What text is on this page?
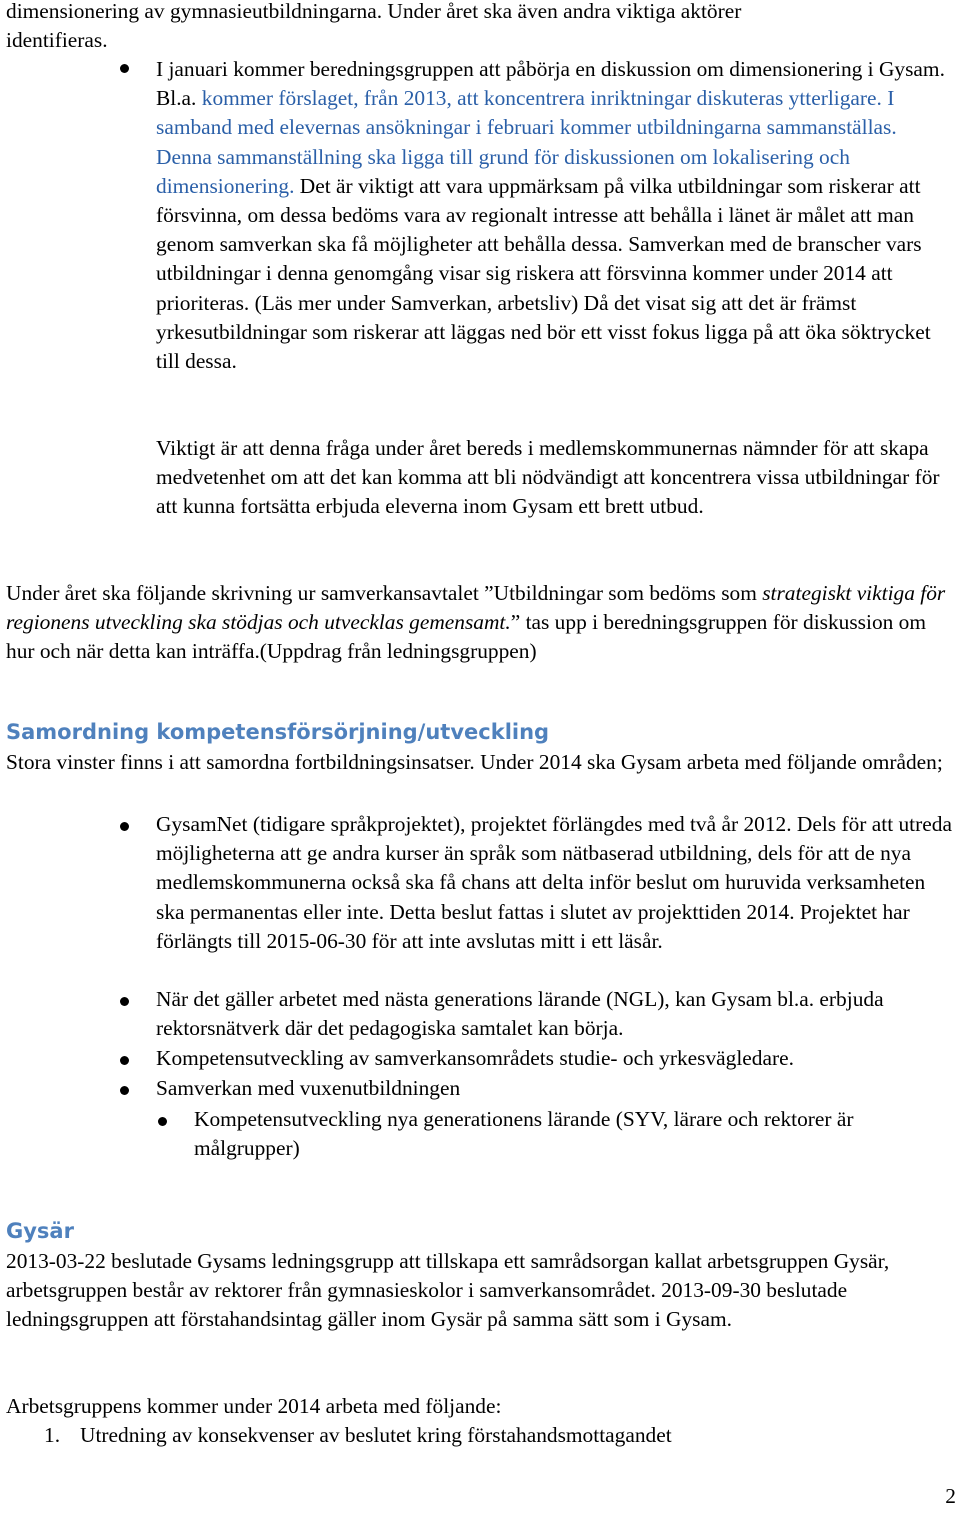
dimensionering av gymnasieutbildningarna. Under året ska även andra viktiga aktörer
identifieras.

I januari kommer beredningsgruppen att påbörja en diskussion om dimensionering i Gysam. Bl.a. kommer förslaget, från 2013, att koncentrera inriktningar diskuteras ytterligare. I samband med elevernas ansökningar i februari kommer utbildningarna sammanställas. Denna sammanställning ska ligga till grund för diskussionen om lokalisering och dimensionering. Det är viktigt att vara uppmärksam på vilka utbildningar som riskerar att försvinna, om dessa bedöms vara av regionalt intresse att behålla i länet är målet att man genom samverkan ska få möjligheter att behålla dessa. Samverkan med de branscher vars utbildningar i denna genomgång visar sig riskera att försvinna kommer under 2014 att prioriteras. (Läs mer under Samverkan, arbetsliv) Då det visat sig att det är främst yrkesutbildningar som riskerar att läggas ned bör ett visst fokus ligga på att öka söktrycket till dessa.

Viktigt är att denna fråga under året bereds i medlemskommunernas nämnder för att skapa medvetenhet om att det kan komma att bli nödvändigt att koncentrera vissa utbildningar för att kunna fortsätta erbjuda eleverna inom Gysam ett brett utbud.

Under året ska följande skrivning ur samverkansavtalet ”Utbildningar som bedöms som strategiskt viktiga för regionens utveckling ska stödjas och utvecklas gemensamt.” tas upp i beredningsgruppen för diskussion om hur och när detta kan inträffa.(Uppdrag från ledningsgruppen)

Samordning kompetensförsörjning/utveckling

Stora vinster finns i att samordna fortbildningsinsatser. Under 2014 ska Gysam arbeta med följande områden;

GysamNet (tidigare språkprojektet), projektet förlängdes med två år 2012. Dels för att utreda möjligheterna att ge andra kurser än språk som nätbaserad utbildning, dels för att de nya medlemskommunerna också ska få chans att delta inför beslut om huruvida verksamheten ska permanentas eller inte. Detta beslut fattas i slutet av projekttiden 2014. Projektet har förlängts till 2015-06-30 för att inte avslutas mitt i ett läsår.

När det gäller arbetet med nästa generations lärande (NGL), kan Gysam bl.a. erbjuda rektorsnätverk där det pedagogiska samtalet kan börja.

Kompetensutveckling av samverkansområdets studie- och yrkesvägledare.

Samverkan med vuxenutbildningen

Kompetensutveckling nya generationens lärande (SYV, lärare och rektorer är målgrupper)

Gysär

2013-03-22 beslutade Gysams ledningsgrupp att tillskapa ett samrådsorgan kallat arbetsgruppen Gysär, arbetsgruppen består av rektorer från gymnasieskolor i samverkansområdet. 2013-09-30 beslutade ledningsgruppen att förstahandsintag gäller inom Gysär på samma sätt som i Gysam.

Arbetsgruppens kommer under 2014 arbeta med följande:

1. Utredning av konsekvenser av beslutet kring förstahandsmottagandet

2
